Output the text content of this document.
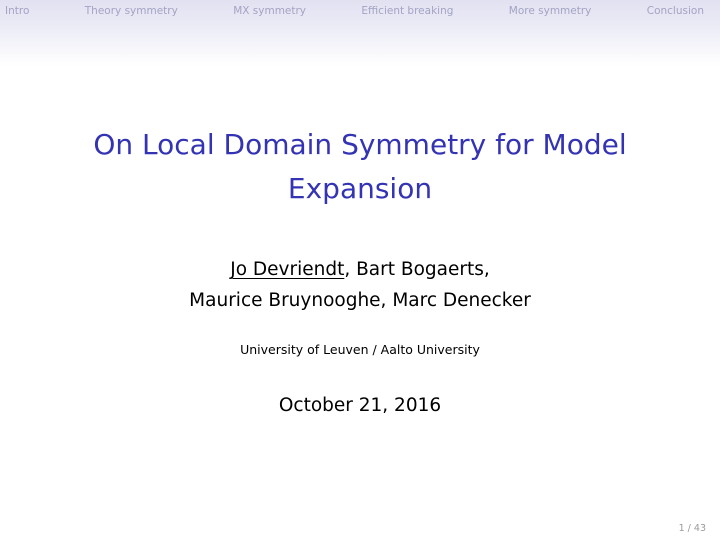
Intro	Theory symmetry	MX symmetry	Efficient breaking	More symmetry	Conclusion
On Local Domain Symmetry for Model
Expansion
Jo Devriendt, Bart Bogaerts,
Maurice Bruynooghe, Marc Denecker
University of Leuven / Aalto University
October 21, 2016
1 / 43
